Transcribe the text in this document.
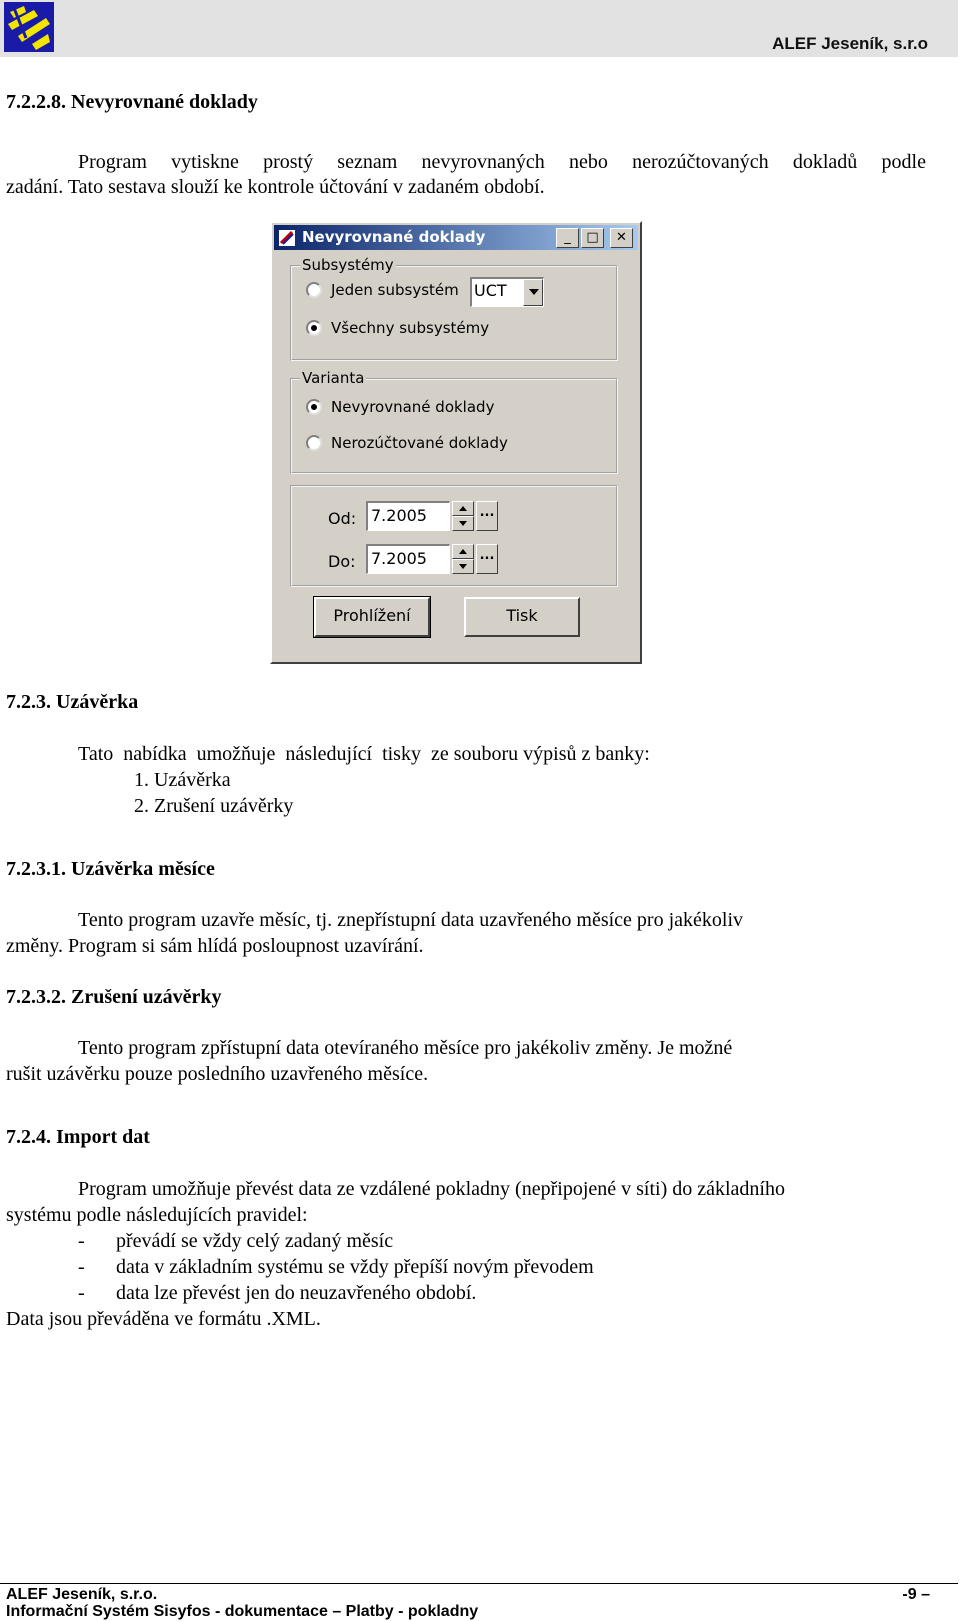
ALEF Jeseník, s.r.o
7.2.2.8. Nevyrovnané doklady
Program vytiskne prostý seznam nevyrovnaných nebo nerozúčtovaných dokladů podle
zadání. Tato sestava slouží ke kontrole účtování v zadaném období.
Nevyrovnané doklady	_	□	✕
Subsystémy
Jeden subsystém UCT
Všechny subsystémy
Varianta
Nevyrovnané doklady
Nerozúčtované doklady
Od: 7.2005	...
Do: 7.2005	...
Prohlížení	Tisk
7.2.3. Uzávěrka
Tato  nabídka  umožňuje  následující  tisky  ze souboru výpisů z banky:
1. Uzávěrka
2. Zrušení uzávěrky
7.2.3.1. Uzávěrka měsíce
Tento program uzavře měsíc, tj. znepřístupní data uzavřeného měsíce pro jakékoliv
změny. Program si sám hlídá posloupnost uzavírání.
7.2.3.2. Zrušení uzávěrky
Tento program zpřístupní data otevíraného měsíce pro jakékoliv změny. Je možné
rušit uzávěrku pouze posledního uzavřeného měsíce.
7.2.4. Import dat
Program umožňuje převést data ze vzdálené pokladny (nepřipojené v síti) do základního
systému podle následujících pravidel:
- převádí se vždy celý zadaný měsíc
- data v základním systému se vždy přepíší novým převodem
- data lze převést jen do neuzavřeného období.
Data jsou převáděna ve formátu .XML.
ALEF Jeseník, s.r.o.	-9 –
Informační Systém Sisyfos - dokumentace – Platby - pokladny
